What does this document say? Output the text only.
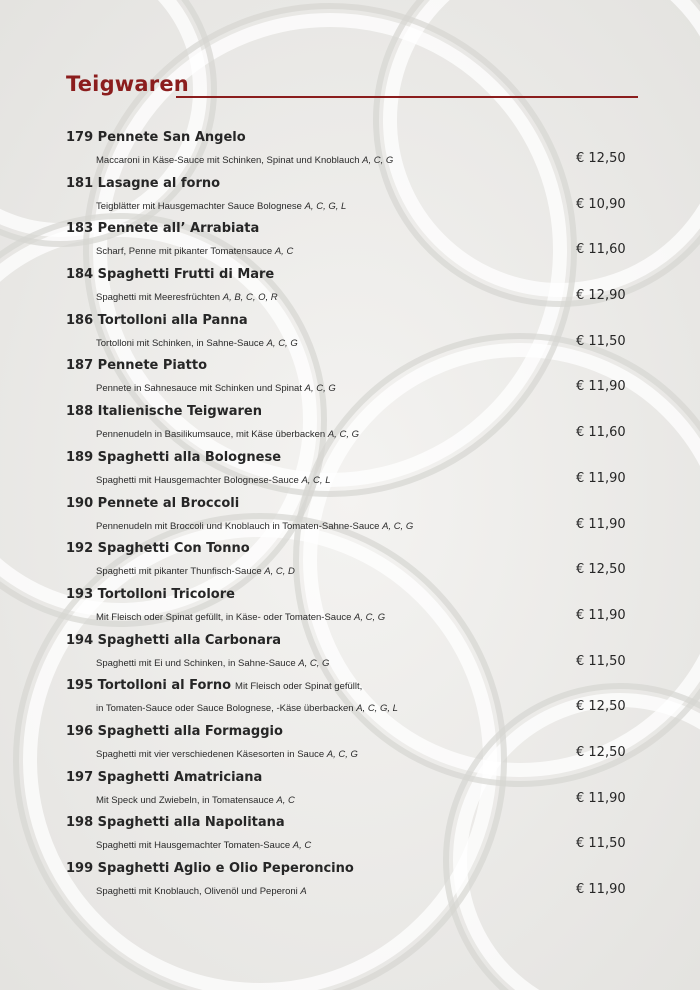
Teigwaren
179 Pennete San Angelo
Maccaroni in Käse-Sauce mit Schinken, Spinat und Knoblauch A, C, G	€ 12,50
181 Lasagne al forno
Teigblätter mit Hausgemachter Sauce Bolognese A, C, G, L	€ 10,90
183 Pennete all’ Arrabiata
Scharf, Penne mit pikanter Tomatensauce A, C	€ 11,60
184 Spaghetti Frutti di Mare
Spaghetti mit Meeresfrüchten A, B, C, O, R	€ 12,90
186 Tortolloni alla Panna
Tortolloni mit Schinken, in Sahne-Sauce A, C, G	€ 11,50
187 Pennete Piatto
Pennete in Sahnesauce mit Schinken und Spinat A, C, G	€ 11,90
188 Italienische Teigwaren
Pennenudeln in Basilikumsauce, mit Käse überbacken A, C, G	€ 11,60
189 Spaghetti alla Bolognese
Spaghetti mit Hausgemachter Bolognese-Sauce A, C, L	€ 11,90
190 Pennete al Broccoli
Pennenudeln mit Broccoli und Knoblauch in Tomaten-Sahne-Sauce A, C, G	€ 11,90
192 Spaghetti Con Tonno
Spaghetti mit pikanter Thunfisch-Sauce A, C, D	€ 12,50
193 Tortolloni Tricolore
Mit Fleisch oder Spinat gefüllt, in Käse- oder Tomaten-Sauce A, C, G	€ 11,90
194 Spaghetti alla Carbonara
Spaghetti mit Ei und Schinken, in Sahne-Sauce A, C, G	€ 11,50
195 Tortolloni al Forno Mit Fleisch oder Spinat gefüllt,
in Tomaten-Sauce oder Sauce Bolognese, -Käse überbacken A, C, G, L	€ 12,50
196 Spaghetti alla Formaggio
Spaghetti mit vier verschiedenen Käsesorten in Sauce A, C, G	€ 12,50
197 Spaghetti Amatriciana
Mit Speck und Zwiebeln, in Tomatensauce A, C	€ 11,90
198 Spaghetti alla Napolitana
Spaghetti mit Hausgemachter Tomaten-Sauce A, C	€ 11,50
199 Spaghetti Aglio e Olio Peperoncino
Spaghetti mit Knoblauch, Olivenöl und Peperoni A	€ 11,90
